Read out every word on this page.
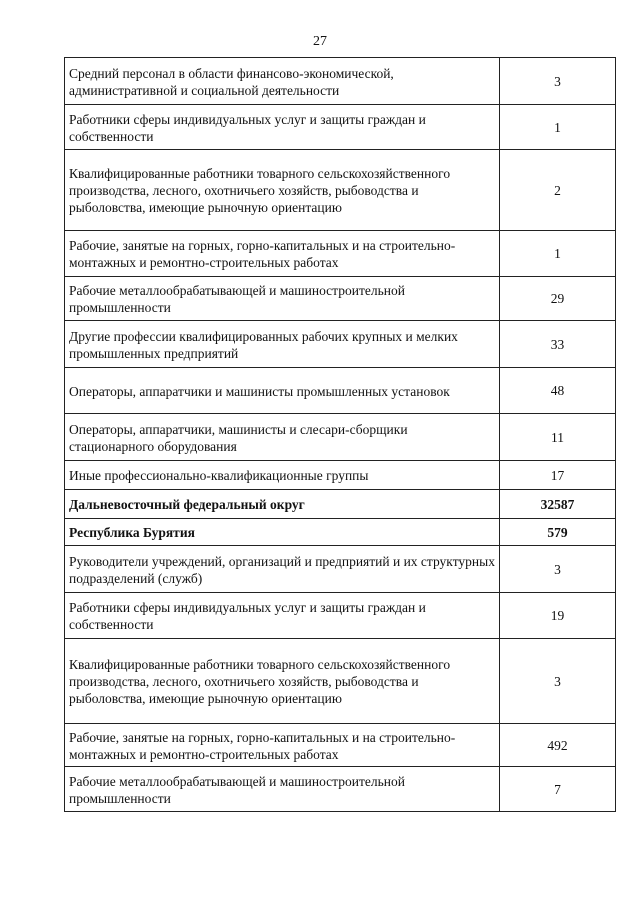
27
Средний персонал в области финансово-экономической, административной и социальной деятельности	3
Работники сферы индивидуальных услуг и защиты граждан и собственности	1
Квалифицированные работники товарного сельскохозяйственного производства, лесного, охотничьего хозяйств, рыбоводства и рыболовства, имеющие рыночную ориентацию	2
Рабочие, занятые на горных, горно-капитальных и на строительно-монтажных и ремонтно-строительных работах	1
Рабочие металлообрабатывающей и машиностроительной промышленности	29
Другие профессии квалифицированных рабочих крупных и мелких промышленных предприятий	33
Операторы, аппаратчики и машинисты промышленных установок	48
Операторы, аппаратчики, машинисты и слесари-сборщики стационарного оборудования	11
Иные профессионально-квалификационные группы	17
Дальневосточный федеральный округ	32587
Республика Бурятия	579
Руководители учреждений, организаций и предприятий и их структурных подразделений (служб)	3
Работники сферы индивидуальных услуг и защиты граждан и собственности	19
Квалифицированные работники товарного сельскохозяйственного производства, лесного, охотничьего хозяйств, рыбоводства и рыболовства, имеющие рыночную ориентацию	3
Рабочие, занятые на горных, горно-капитальных и на строительно-монтажных и ремонтно-строительных работах	492
Рабочие металлообрабатывающей и машиностроительной промышленности	7
